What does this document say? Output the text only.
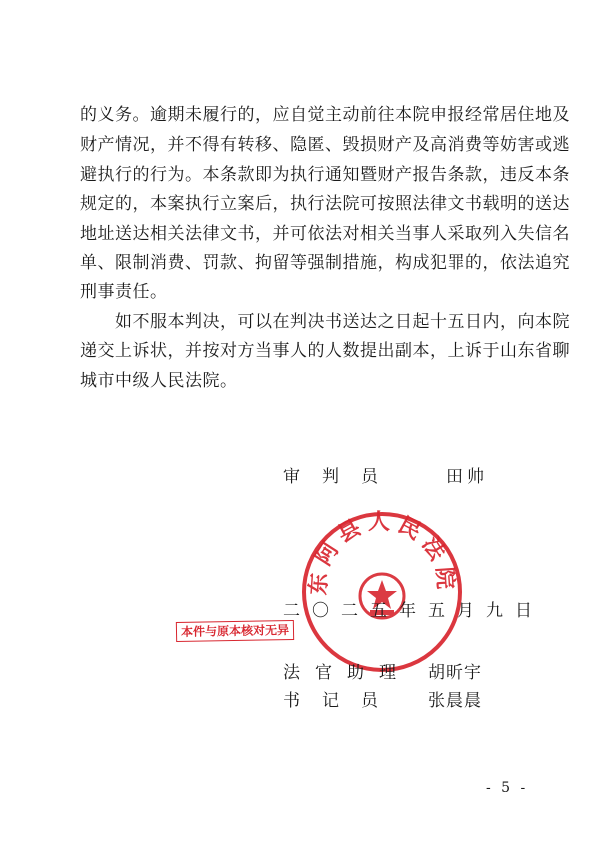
的义务。逾期未履行的，应自觉主动前往本院申报经常居住地及
财产情况，并不得有转移、隐匿、毁损财产及高消费等妨害或逃
避执行的行为。本条款即为执行通知暨财产报告条款，违反本条
规定的，本案执行立案后，执行法院可按照法律文书载明的送达
地址送达相关法律文书，并可依法对相关当事人采取列入失信名
单、限制消费、罚款、拘留等强制措施，构成犯罪的，依法追究
刑事责任。
　　如不服本判决，可以在判决书送达之日起十五日内，向本院
递交上诉状，并按对方当事人的人数提出副本，上诉于山东省聊
城市中级人民法院。
审判员	田帅
东阿县人民法院
二〇二五年五月九日
本件与原本核对无异
法官助理 胡昕宇
书记员 张晨晨
- 5 -
